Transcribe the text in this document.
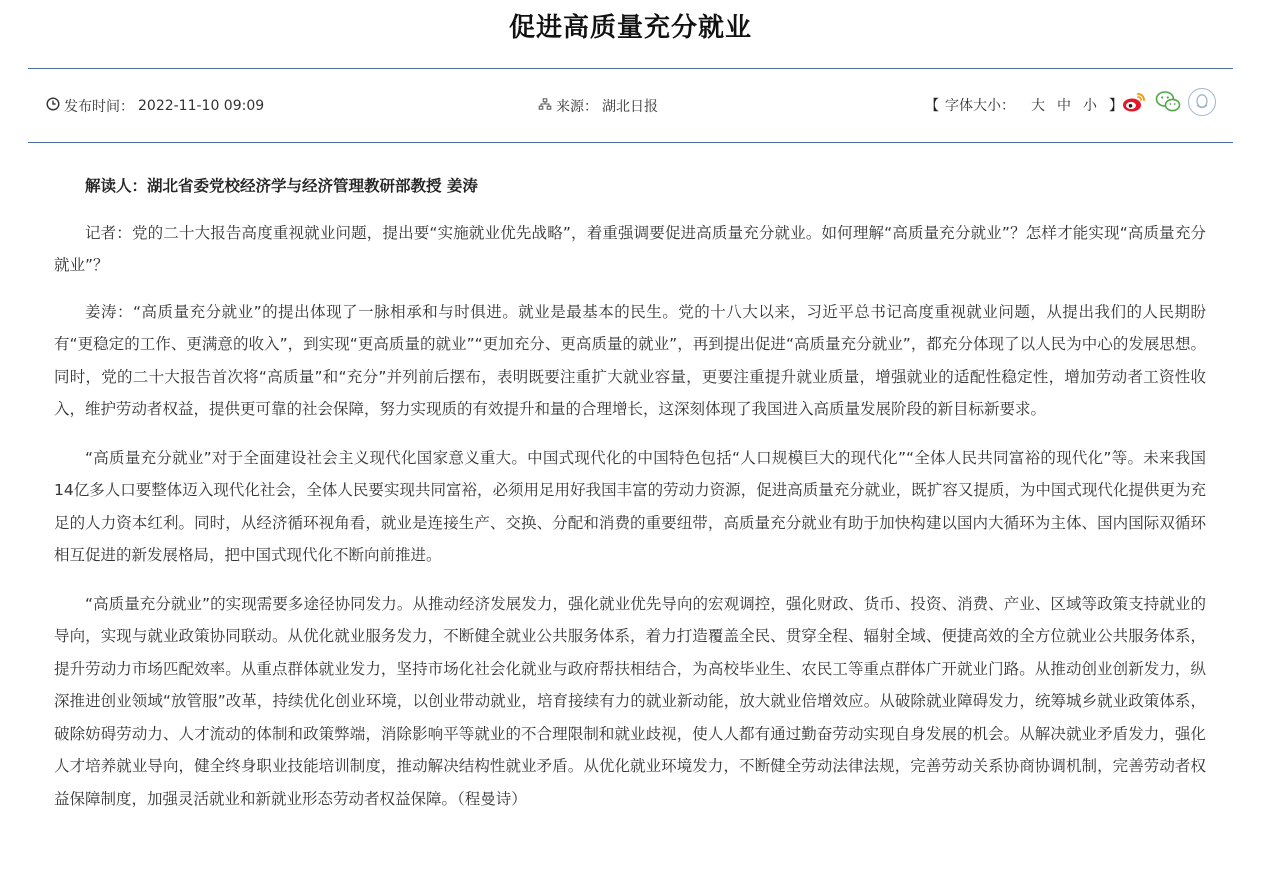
促进高质量充分就业
发布时间： 2022-11-10 09:09	来源： 湖北日报	【 字体大小： 大 中 小 】

解读人：湖北省委党校经济学与经济管理教研部教授 姜涛

记者：党的二十大报告高度重视就业问题，提出要“实施就业优先战略”，着重强调要促进高质量充分就业。如何理解“高质量充分就业”？怎样才能实现“高质量充分就业”？

姜涛：“高质量充分就业”的提出体现了一脉相承和与时俱进。就业是最基本的民生。党的十八大以来，习近平总书记高度重视就业问题，从提出我们的人民期盼有“更稳定的工作、更满意的收入”，到实现“更高质量的就业”“更加充分、更高质量的就业”，再到提出促进“高质量充分就业”，都充分体现了以人民为中心的发展思想。同时，党的二十大报告首次将“高质量”和“充分”并列前后摆布，表明既要注重扩大就业容量，更要注重提升就业质量，增强就业的适配性稳定性，增加劳动者工资性收入，维护劳动者权益，提供更可靠的社会保障，努力实现质的有效提升和量的合理增长，这深刻体现了我国进入高质量发展阶段的新目标新要求。

“高质量充分就业”对于全面建设社会主义现代化国家意义重大。中国式现代化的中国特色包括“人口规模巨大的现代化”“全体人民共同富裕的现代化”等。未来我国14亿多人口要整体迈入现代化社会，全体人民要实现共同富裕，必须用足用好我国丰富的劳动力资源，促进高质量充分就业，既扩容又提质，为中国式现代化提供更为充足的人力资本红利。同时，从经济循环视角看，就业是连接生产、交换、分配和消费的重要纽带，高质量充分就业有助于加快构建以国内大循环为主体、国内国际双循环相互促进的新发展格局，把中国式现代化不断向前推进。

“高质量充分就业”的实现需要多途径协同发力。从推动经济发展发力，强化就业优先导向的宏观调控，强化财政、货币、投资、消费、产业、区域等政策支持就业的导向，实现与就业政策协同联动。从优化就业服务发力，不断健全就业公共服务体系，着力打造覆盖全民、贯穿全程、辐射全域、便捷高效的全方位就业公共服务体系，提升劳动力市场匹配效率。从重点群体就业发力，坚持市场化社会化就业与政府帮扶相结合，为高校毕业生、农民工等重点群体广开就业门路。从推动创业创新发力，纵深推进创业领域“放管服”改革，持续优化创业环境，以创业带动就业，培育接续有力的就业新动能，放大就业倍增效应。从破除就业障碍发力，统筹城乡就业政策体系，破除妨碍劳动力、人才流动的体制和政策弊端，消除影响平等就业的不合理限制和就业歧视，使人人都有通过勤奋劳动实现自身发展的机会。从解决就业矛盾发力，强化人才培养就业导向，健全终身职业技能培训制度，推动解决结构性就业矛盾。从优化就业环境发力，不断健全劳动法律法规，完善劳动关系协商协调机制，完善劳动者权益保障制度，加强灵活就业和新就业形态劳动者权益保障。（程曼诗）
